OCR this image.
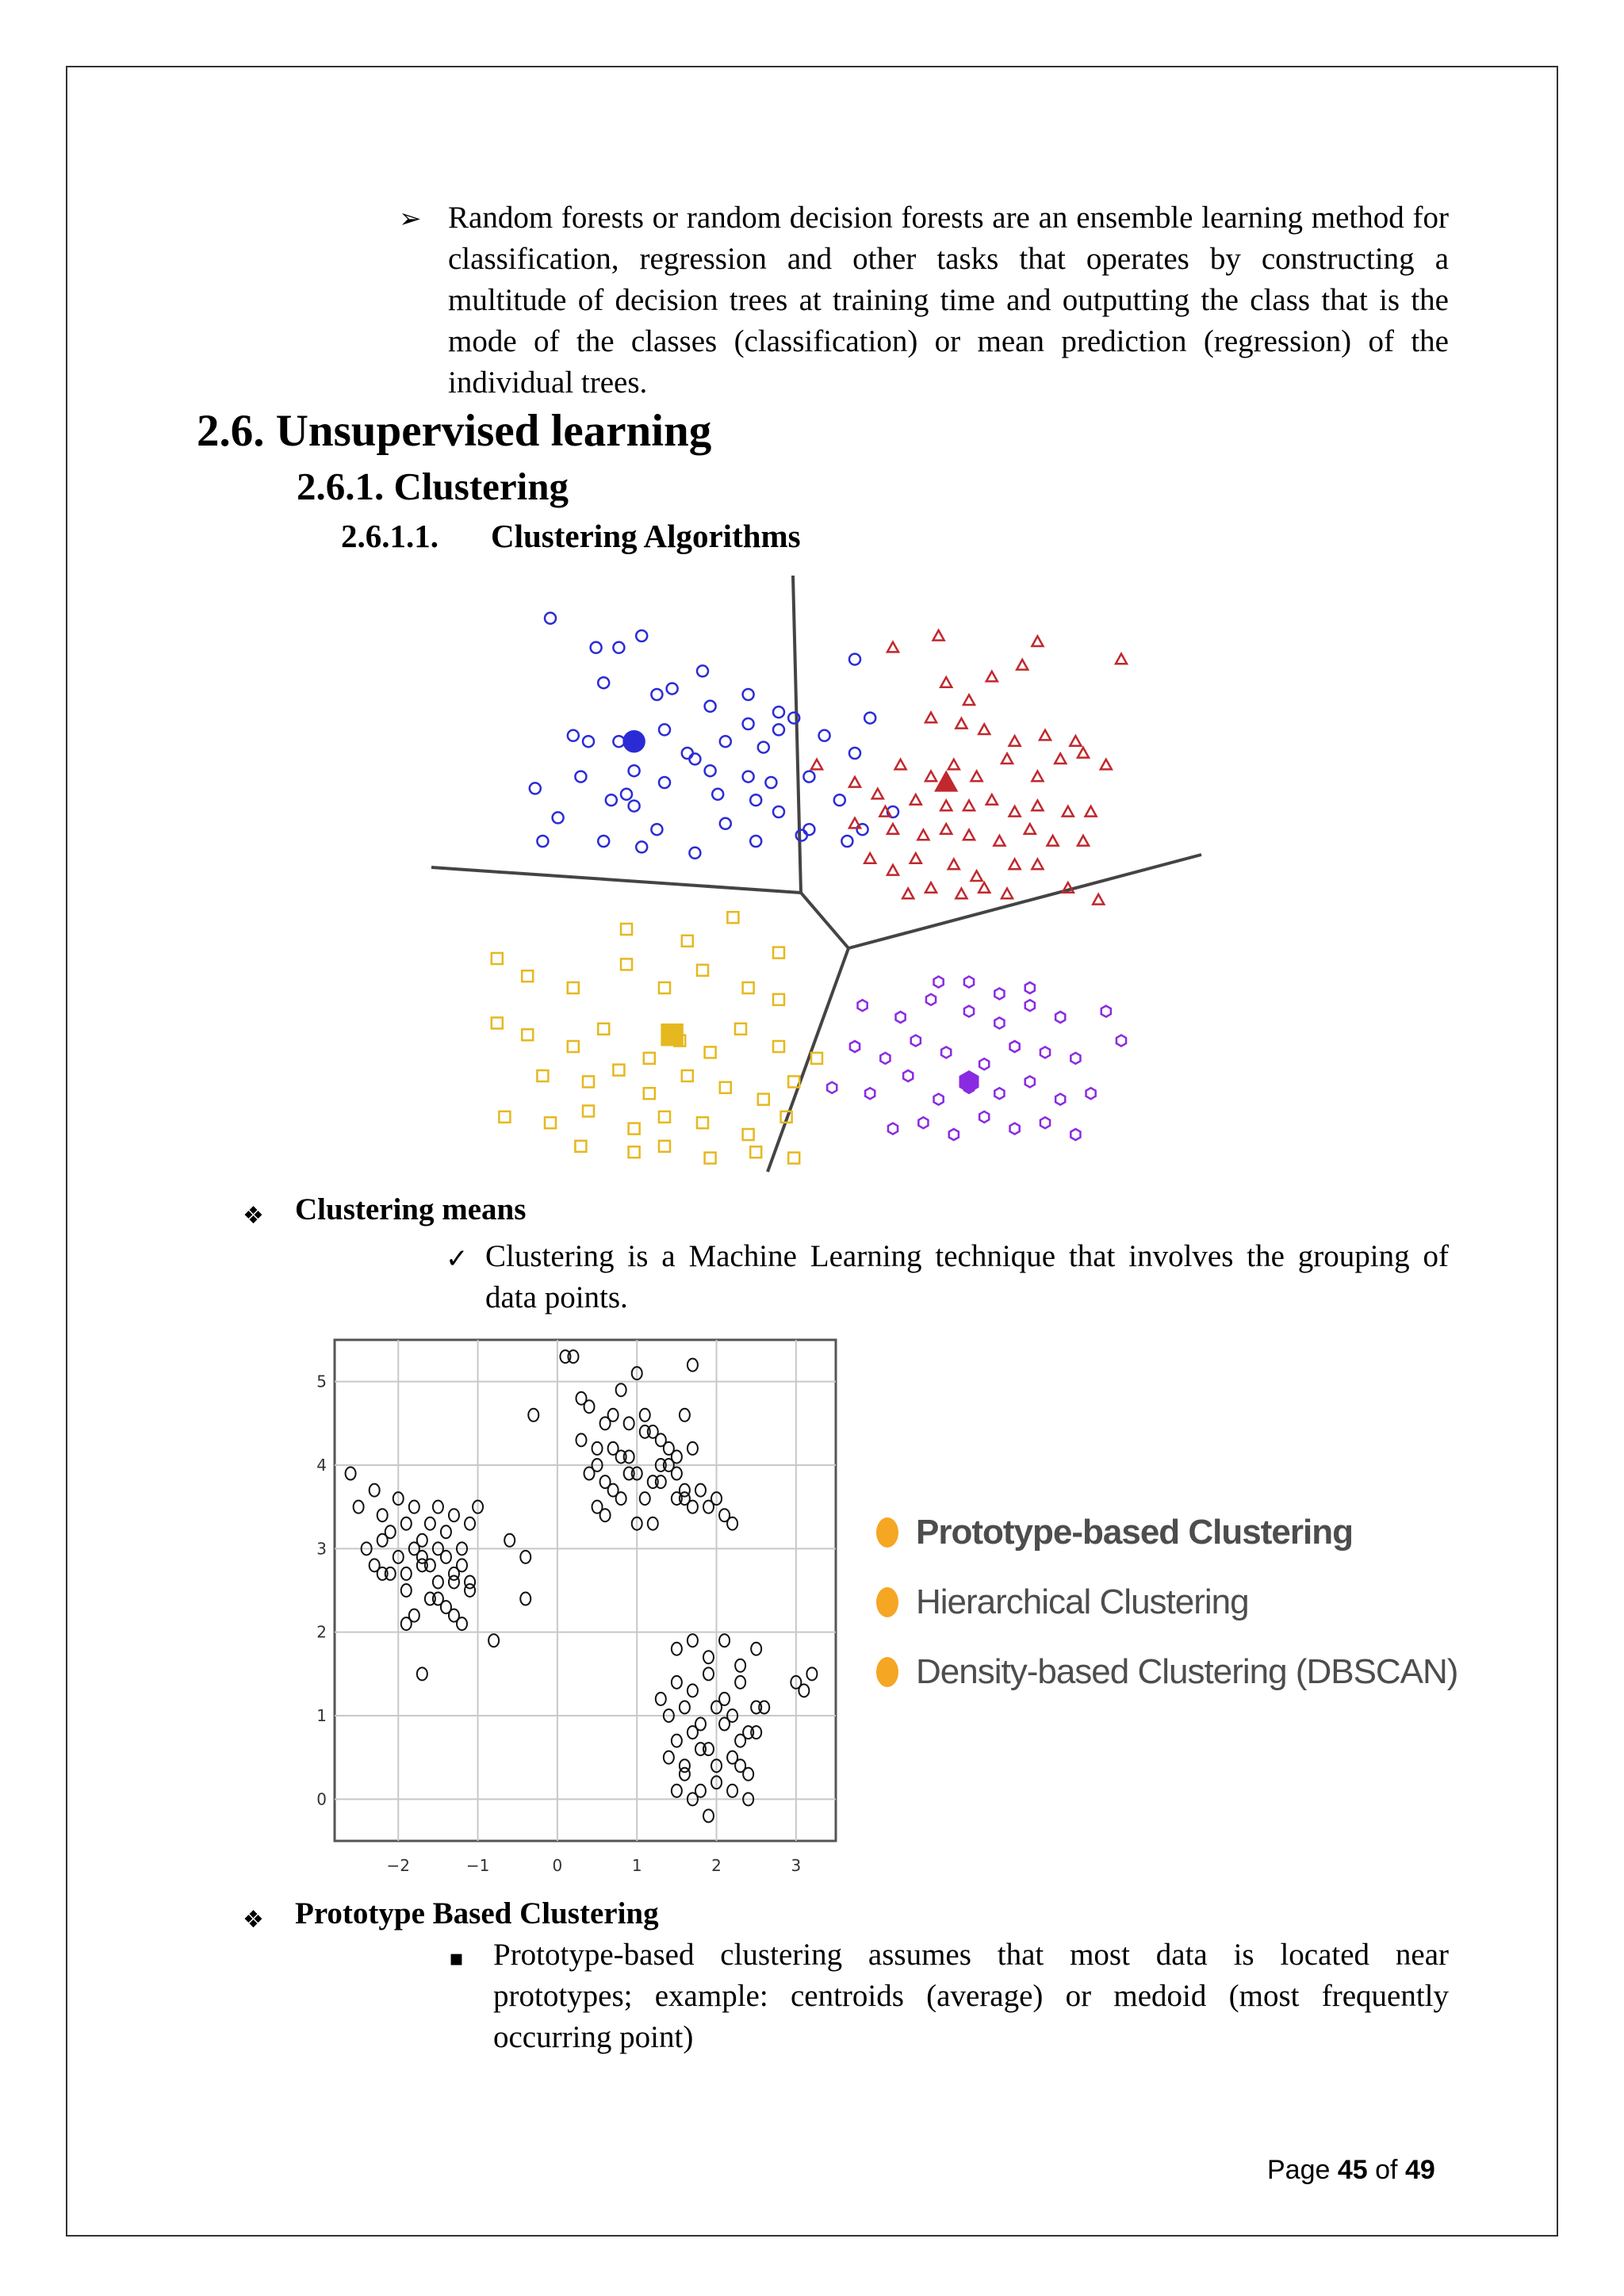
➢ Random forests or random decision forests are an ensemble learning method for classification, regression and other tasks that operates by constructing a multitude of decision trees at training time and outputting the class that is the mode of the classes (classification) or mean prediction (regression) of the individual trees.
2.6. Unsupervised learning
2.6.1. Clustering
2.6.1.1. Clustering Algorithms
❖ Clustering means
✓ Clustering is a Machine Learning technique that involves the grouping of data points.
−2	−1	0	1	2	3
0
1
2
3
4
5
Prototype-based Clustering
Hierarchical Clustering
Density-based Clustering (DBSCAN)
❖ Prototype Based Clustering
▪ Prototype-based clustering assumes that most data is located near prototypes; example: centroids (average) or medoid (most frequently occurring point)
Page 45 of 49
